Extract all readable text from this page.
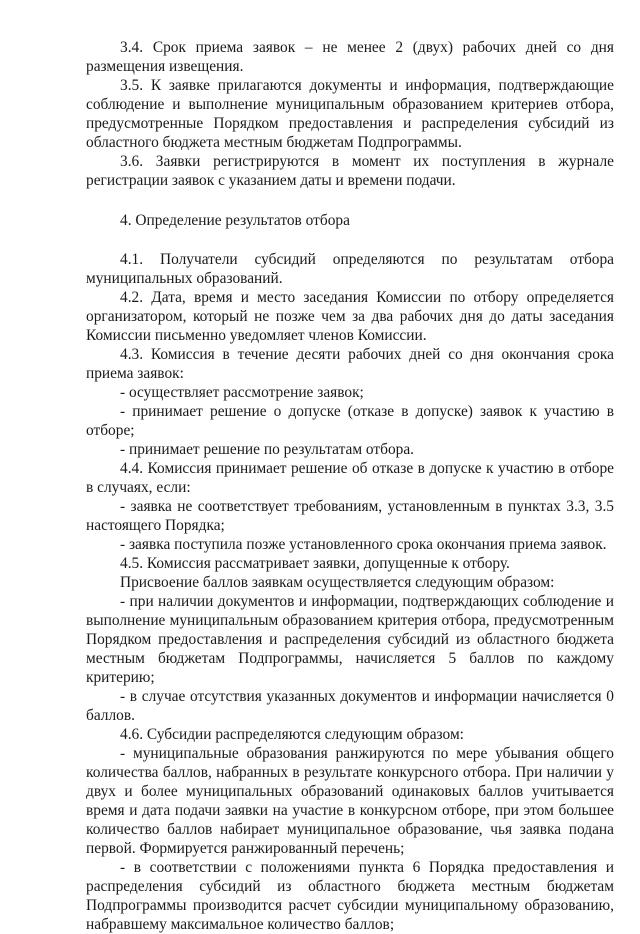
3.4. Срок приема заявок – не менее 2 (двух) рабочих дней со дня размещения извещения.

3.5. К заявке прилагаются документы и информация, подтверждающие соблюдение и выполнение муниципальным образованием критериев отбора, предусмотренные Порядком предоставления и распределения субсидий из областного бюджета местным бюджетам Подпрограммы.

3.6. Заявки регистрируются в момент их поступления в журнале регистрации заявок с указанием даты и времени подачи.

4. Определение результатов отбора

4.1. Получатели субсидий определяются по результатам отбора муниципальных образований.

4.2. Дата, время и место заседания Комиссии по отбору определяется организатором, который не позже чем за два рабочих дня до даты заседания Комиссии письменно уведомляет членов Комиссии.

4.3. Комиссия в течение десяти рабочих дней со дня окончания срока приема заявок:

- осуществляет рассмотрение заявок;

- принимает решение о допуске (отказе в допуске) заявок к участию в отборе;

- принимает решение по результатам отбора.

4.4. Комиссия принимает решение об отказе в допуске к участию в отборе в случаях, если:

- заявка не соответствует требованиям, установленным в пунктах 3.3, 3.5 настоящего Порядка;

- заявка поступила позже установленного срока окончания приема заявок.

4.5. Комиссия рассматривает заявки, допущенные к отбору.

Присвоение баллов заявкам осуществляется следующим образом:

- при наличии документов и информации, подтверждающих соблюдение и выполнение муниципальным образованием критерия отбора, предусмотренным Порядком предоставления и распределения субсидий из областного бюджета местным бюджетам Подпрограммы, начисляется 5 баллов по каждому критерию;

- в случае отсутствия указанных документов и информации начисляется 0 баллов.

4.6. Субсидии распределяются следующим образом:

- муниципальные образования ранжируются по мере убывания общего количества баллов, набранных в результате конкурсного отбора. При наличии у двух и более муниципальных образований одинаковых баллов учитывается время и дата подачи заявки на участие в конкурсном отборе, при этом большее количество баллов набирает муниципальное образование, чья заявка подана первой. Формируется ранжированный перечень;

- в соответствии с положениями пункта 6 Порядка предоставления и распределения субсидий из областного бюджета местным бюджетам Подпрограммы производится расчет субсидии муниципальному образованию, набравшему максимальное количество баллов;
